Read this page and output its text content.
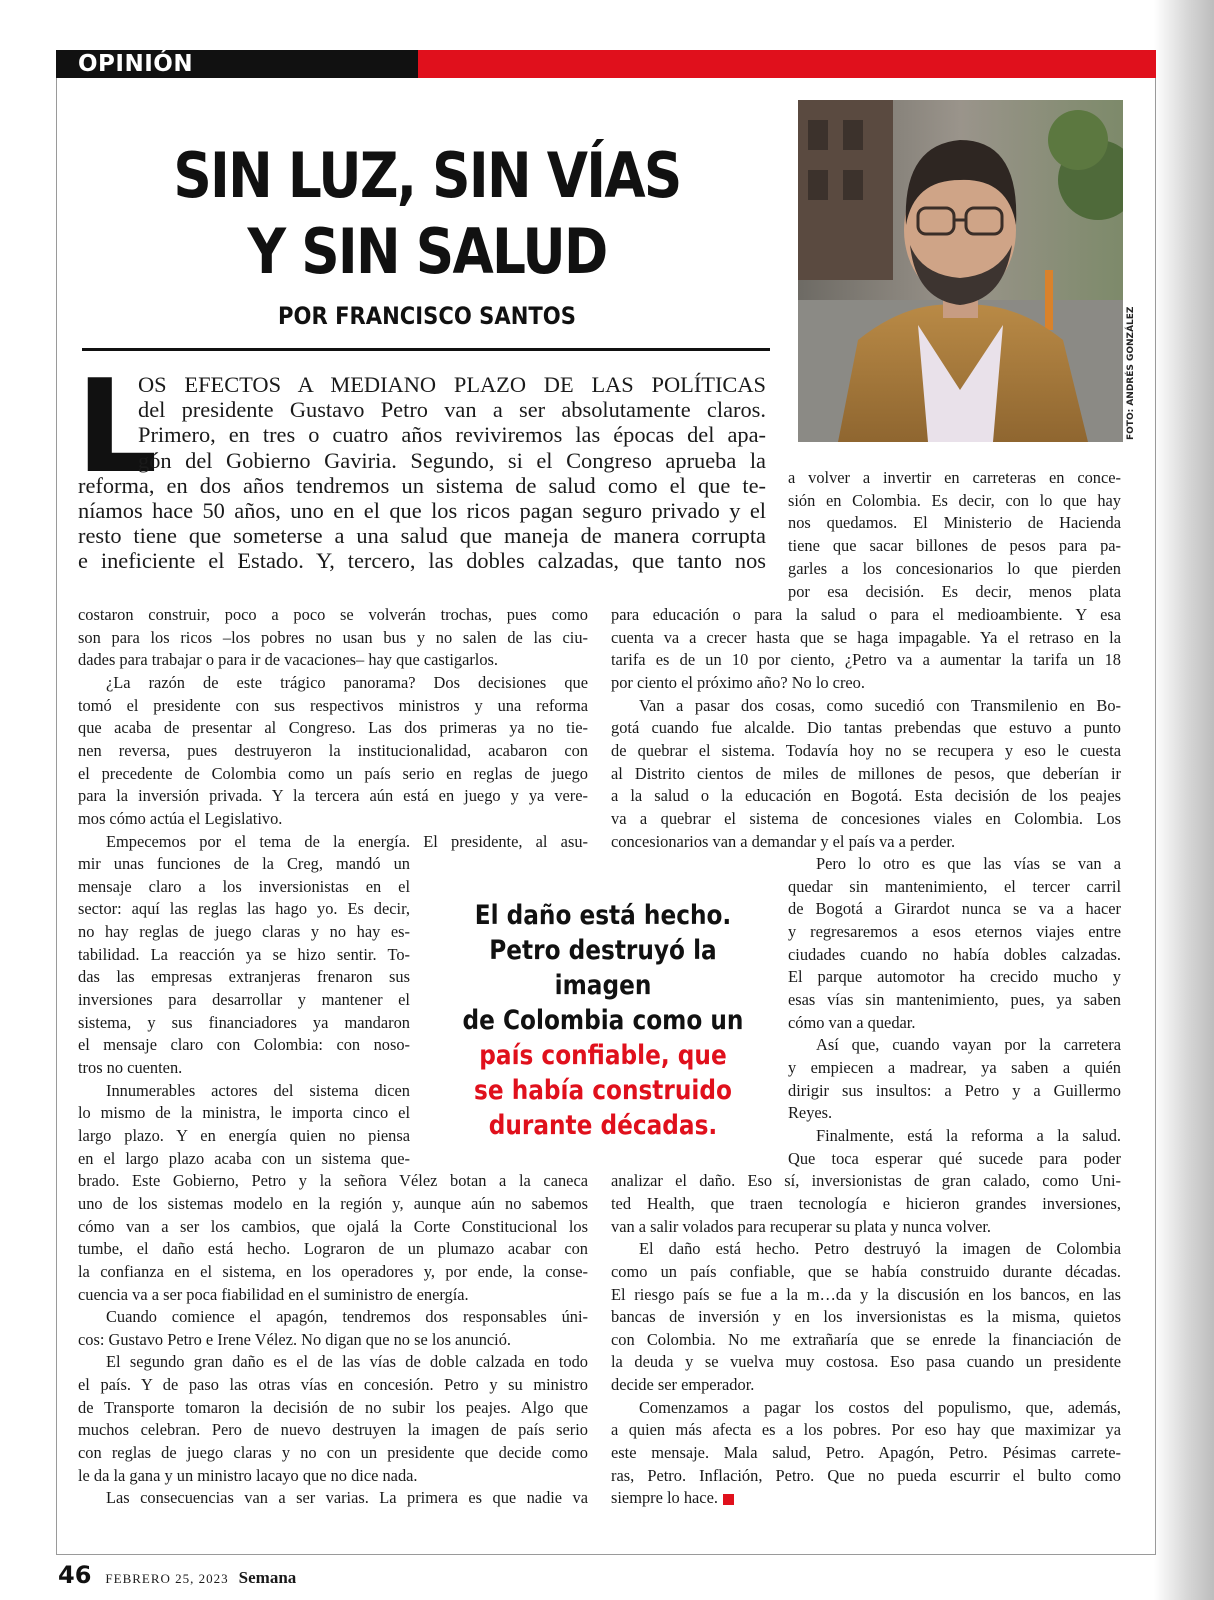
OPINIÓN
SIN LUZ, SIN VÍAS
Y SIN SALUD
POR FRANCISCO SANTOS	FOTO: ANDRÉS GONZÁLEZ
L
OS EFECTOS A MEDIANO PLAZO DE LAS POLÍTICAS
del presidente Gustavo Petro van a ser absolutamente claros.
Primero, en tres o cuatro años reviviremos las épocas del apa-
gón del Gobierno Gaviria. Segundo, si el Congreso aprueba la
reforma, en dos años tendremos un sistema de salud como el que te-
níamos hace 50 años, uno en el que los ricos pagan seguro privado y el
resto tiene que someterse a una salud que maneja de manera corrupta
e ineficiente el Estado. Y, tercero, las dobles calzadas, que tanto nos
a volver a invertir en carreteras en conce-
sión en Colombia. Es decir, con lo que hay
nos quedamos. El Ministerio de Hacienda
tiene que sacar billones de pesos para pa-
garles a los concesionarios lo que pierden
por esa decisión. Es decir, menos plata
costaron construir, poco a poco se volverán trochas, pues como
son para los ricos –los pobres no usan bus y no salen de las ciu-
dades para trabajar o para ir de vacaciones– hay que castigarlos.
¿La razón de este trágico panorama? Dos decisiones que
tomó el presidente con sus respectivos ministros y una reforma
que acaba de presentar al Congreso. Las dos primeras ya no tie-
nen reversa, pues destruyeron la institucionalidad, acabaron con
el precedente de Colombia como un país serio en reglas de juego
para la inversión privada. Y la tercera aún está en juego y ya vere-
mos cómo actúa el Legislativo.
Empecemos por el tema de la energía. El presidente, al asu-
mir unas funciones de la Creg, mandó un
mensaje claro a los inversionistas en el
sector: aquí las reglas las hago yo. Es decir,
no hay reglas de juego claras y no hay es-
tabilidad. La reacción ya se hizo sentir. To-
das las empresas extranjeras frenaron sus
inversiones para desarrollar y mantener el
sistema, y sus financiadores ya mandaron
el mensaje claro con Colombia: con noso-
tros no cuenten.
Innumerables actores del sistema dicen
lo mismo de la ministra, le importa cinco el
largo plazo. Y en energía quien no piensa
en el largo plazo acaba con un sistema que-
brado. Este Gobierno, Petro y la señora Vélez botan a la caneca
uno de los sistemas modelo en la región y, aunque aún no sabemos
cómo van a ser los cambios, que ojalá la Corte Constitucional los
tumbe, el daño está hecho. Lograron de un plumazo acabar con
la confianza en el sistema, en los operadores y, por ende, la conse-
cuencia va a ser poca fiabilidad en el suministro de energía.
Cuando comience el apagón, tendremos dos responsables úni-
cos: Gustavo Petro e Irene Vélez. No digan que no se los anunció.
El segundo gran daño es el de las vías de doble calzada en todo
el país. Y de paso las otras vías en concesión. Petro y su ministro
de Transporte tomaron la decisión de no subir los peajes. Algo que
muchos celebran. Pero de nuevo destruyen la imagen de país serio
con reglas de juego claras y no con un presidente que decide como
le da la gana y un ministro lacayo que no dice nada.
Las consecuencias van a ser varias. La primera es que nadie va
para educación o para la salud o para el medioambiente. Y esa
cuenta va a crecer hasta que se haga impagable. Ya el retraso en la
tarifa es de un 10 por ciento, ¿Petro va a aumentar la tarifa un 18
por ciento el próximo año? No lo creo.
Van a pasar dos cosas, como sucedió con Transmilenio en Bo-
gotá cuando fue alcalde. Dio tantas prebendas que estuvo a punto
de quebrar el sistema. Todavía hoy no se recupera y eso le cuesta
al Distrito cientos de miles de millones de pesos, que deberían ir
a la salud o la educación en Bogotá. Esta decisión de los peajes
va a quebrar el sistema de concesiones viales en Colombia. Los
concesionarios van a demandar y el país va a perder.
Pero lo otro es que las vías se van a
quedar sin mantenimiento, el tercer carril
de Bogotá a Girardot nunca se va a hacer
y regresaremos a esos eternos viajes entre
ciudades cuando no había dobles calzadas.
El parque automotor ha crecido mucho y
esas vías sin mantenimiento, pues, ya saben
cómo van a quedar.
Así que, cuando vayan por la carretera
y empiecen a madrear, ya saben a quién
dirigir sus insultos: a Petro y a Guillermo
Reyes.
Finalmente, está la reforma a la salud.
Que toca esperar qué sucede para poder
analizar el daño. Eso sí, inversionistas de gran calado, como Uni-
ted Health, que traen tecnología e hicieron grandes inversiones,
van a salir volados para recuperar su plata y nunca volver.
El daño está hecho. Petro destruyó la imagen de Colombia
como un país confiable, que se había construido durante décadas.
El riesgo país se fue a la m…da y la discusión en los bancos, en las
bancas de inversión y en los inversionistas es la misma, quietos
con Colombia. No me extrañaría que se enrede la financiación de
la deuda y se vuelva muy costosa. Eso pasa cuando un presidente
decide ser emperador.
Comenzamos a pagar los costos del populismo, que, además,
a quien más afecta es a los pobres. Por eso hay que maximizar ya
este mensaje. Mala salud, Petro. Apagón, Petro. Pésimas carrete-
ras, Petro. Inflación, Petro. Que no pueda escurrir el bulto como
siempre lo hace.
El daño está hecho.
Petro destruyó la imagen
de Colombia como un
país confiable, que
se había construido
durante décadas.
46 FEBRERO 25, 2023 Semana
